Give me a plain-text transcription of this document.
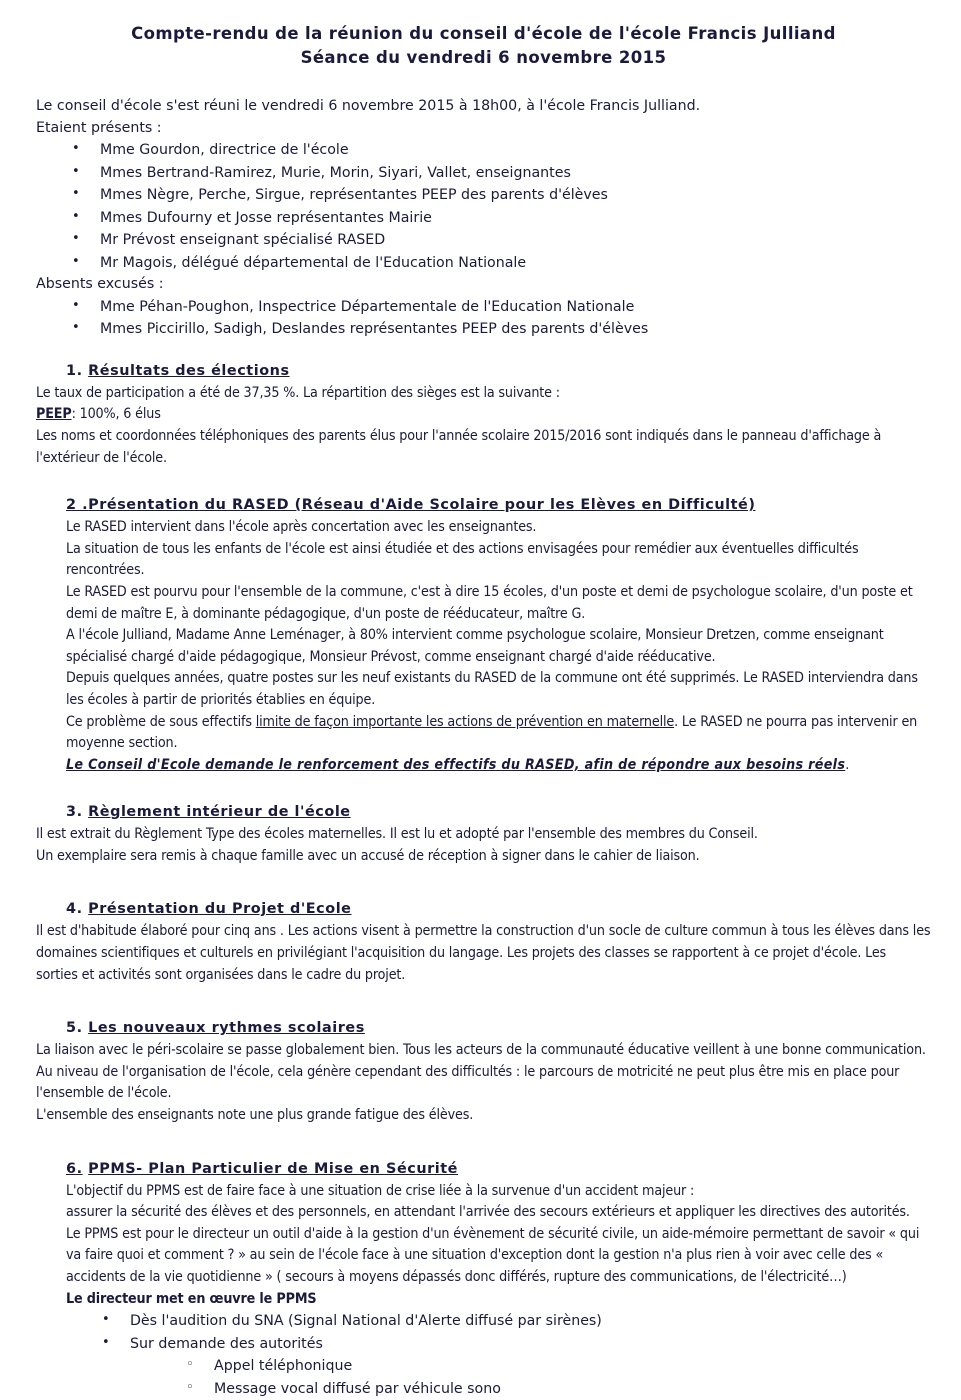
Compte-rendu de la réunion du conseil d'école de l'école Francis Julliand
Séance du vendredi 6 novembre 2015

Le conseil d'école s'est réuni le vendredi 6 novembre 2015 à 18h00, à l'école Francis Julliand.

Etaient présents :

• Mme Gourdon, directrice de l'école
• Mmes Bertrand-Ramirez, Murie, Morin, Siyari, Vallet, enseignantes
• Mmes Nègre, Perche, Sirgue, représentantes PEEP des parents d'élèves
• Mmes Dufourny et Josse représentantes Mairie
• Mr Prévost enseignant spécialisé RASED
• Mr Magois, délégué départemental de l'Education Nationale

Absents excusés :

• Mme Péhan-Poughon, Inspectrice Départementale de l'Education Nationale
• Mmes Piccirillo, Sadigh, Deslandes représentantes PEEP des parents d'élèves

1. Résultats des élections

Le taux de participation a été de 37,35 %. La répartition des sièges est la suivante :

PEEP: 100%, 6 élus

Les noms et coordonnées téléphoniques des parents élus pour l'année scolaire 2015/2016 sont indiqués dans le panneau d'affichage à l'extérieur de l'école.

2 .Présentation du RASED (Réseau d'Aide Scolaire pour les Elèves en Difficulté)

Le RASED intervient dans l'école après concertation avec les enseignantes.

La situation de tous les enfants de l'école est ainsi étudiée et des actions envisagées pour remédier aux éventuelles difficultés rencontrées.

Le RASED est pourvu pour l'ensemble de la commune, c'est à dire 15 écoles, d'un poste et demi de psychologue scolaire, d'un poste et demi de maître E, à dominante pédagogique, d'un poste de rééducateur, maître G.

A l'école Julliand, Madame Anne Leménager, à 80% intervient comme psychologue scolaire, Monsieur Dretzen, comme enseignant spécialisé chargé d'aide pédagogique, Monsieur Prévost, comme enseignant chargé d'aide rééducative.

Depuis quelques années, quatre postes sur les neuf existants du RASED de la commune ont été supprimés. Le RASED interviendra dans les écoles à partir de priorités établies en équipe.

Ce problème de sous effectifs limite de façon importante les actions de prévention en maternelle. Le RASED ne pourra pas intervenir en moyenne section.

Le Conseil d'Ecole demande le renforcement des effectifs du RASED, afin de répondre aux besoins réels.

3. Règlement intérieur de l'école

Il est extrait du Règlement Type des écoles maternelles. Il est lu et adopté par l'ensemble des membres du Conseil.

Un exemplaire sera remis à chaque famille avec un accusé de réception à signer dans le cahier de liaison.

4. Présentation du Projet d'Ecole

Il est d'habitude élaboré pour cinq ans . Les actions visent à permettre la construction d'un socle de culture commun à tous les élèves dans les domaines scientifiques et culturels en privilégiant l'acquisition du langage. Les projets des classes se rapportent à ce projet d'école. Les sorties et activités sont organisées dans le cadre du projet.

5. Les nouveaux rythmes scolaires

La liaison avec le péri-scolaire se passe globalement bien. Tous les acteurs de la communauté éducative veillent à une bonne communication. Au niveau de l'organisation de l'école, cela génère cependant des difficultés : le parcours de motricité ne peut plus être mis en place pour l'ensemble de l'école.

L'ensemble des enseignants note une plus grande fatigue des élèves.

6. PPMS- Plan Particulier de Mise en Sécurité

L'objectif du PPMS est de faire face à une situation de crise liée à la survenue d'un accident majeur :

assurer la sécurité des élèves et des personnels, en attendant l'arrivée des secours extérieurs et appliquer les directives des autorités.

Le PPMS est pour le directeur un outil d'aide à la gestion d'un évènement de sécurité civile, un aide-mémoire permettant de savoir « qui va faire quoi et comment ? » au sein de l'école face à une situation d'exception dont la gestion n'a plus rien à voir avec celle des « accidents de la vie quotidienne » ( secours à moyens dépassés donc différés, rupture des communications, de l'électricité…)

Le directeur met en œuvre le PPMS

• Dès l'audition du SNA (Signal National d'Alerte diffusé par sirènes)
• Sur demande des autorités
◦ Appel téléphonique
◦ Message vocal diffusé par véhicule sono
